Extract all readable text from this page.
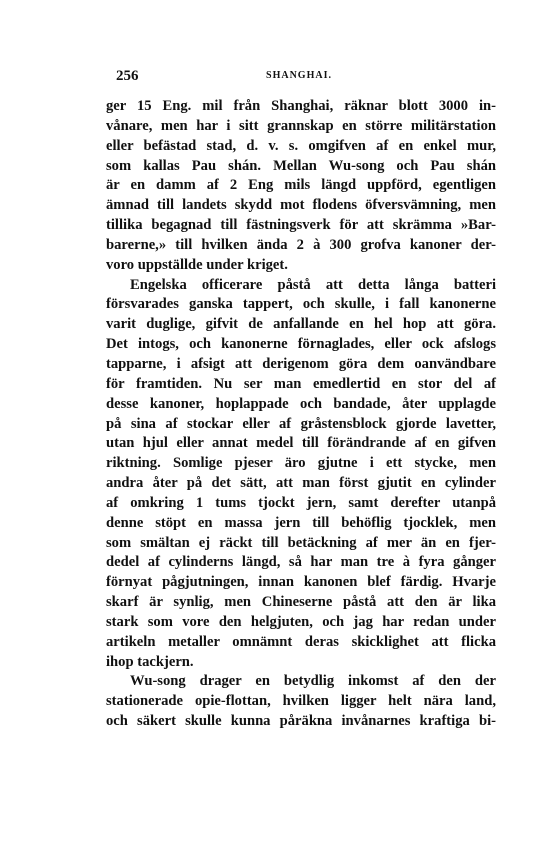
256	SHANGHAI.
ger 15 Eng. mil från Shanghai, räknar blott 3000 in-
vånare, men har i sitt grannskap en större militärstation
eller befästad stad, d. v. s. omgifven af en enkel mur,
som kallas Pau shán. Mellan Wu-song och Pau shán
är en damm af 2 Eng mils längd uppförd, egentligen
ämnad till landets skydd mot flodens öfversvämning, men
tillika begagnad till fästningsverk för att skrämma »Bar-
barerne,» till hvilken ända 2 à 300 grofva kanoner der-
voro uppställde under kriget.
Engelska officerare påstå att detta långa batteri
försvarades ganska tappert, och skulle, i fall kanonerne
varit duglige, gifvit de anfallande en hel hop att göra.
Det intogs, och kanonerne förnaglades, eller ock afslogs
tapparne, i afsigt att derigenom göra dem oanvändbare
för framtiden. Nu ser man emedlertid en stor del af
desse kanoner, hoplappade och bandade, åter upplagde
på sina af stockar eller af gråstensblock gjorde lavetter,
utan hjul eller annat medel till förändrande af en gifven
riktning. Somlige pjeser äro gjutne i ett stycke, men
andra åter på det sätt, att man först gjutit en cylinder
af omkring 1 tums tjockt jern, samt derefter utanpå
denne stöpt en massa jern till behöflig tjocklek, men
som smältan ej räckt till betäckning af mer än en fjer-
dedel af cylinderns längd, så har man tre à fyra gånger
förnyat pågjutningen, innan kanonen blef färdig. Hvarje
skarf är synlig, men Chineserne påstå att den är lika
stark som vore den helgjuten, och jag har redan under
artikeln metaller omnämnt deras skicklighet att flicka
ihop tackjern.
Wu-song drager en betydlig inkomst af den der
stationerade opie-flottan, hvilken ligger helt nära land,
och säkert skulle kunna påräkna invånarnes kraftiga bi-
